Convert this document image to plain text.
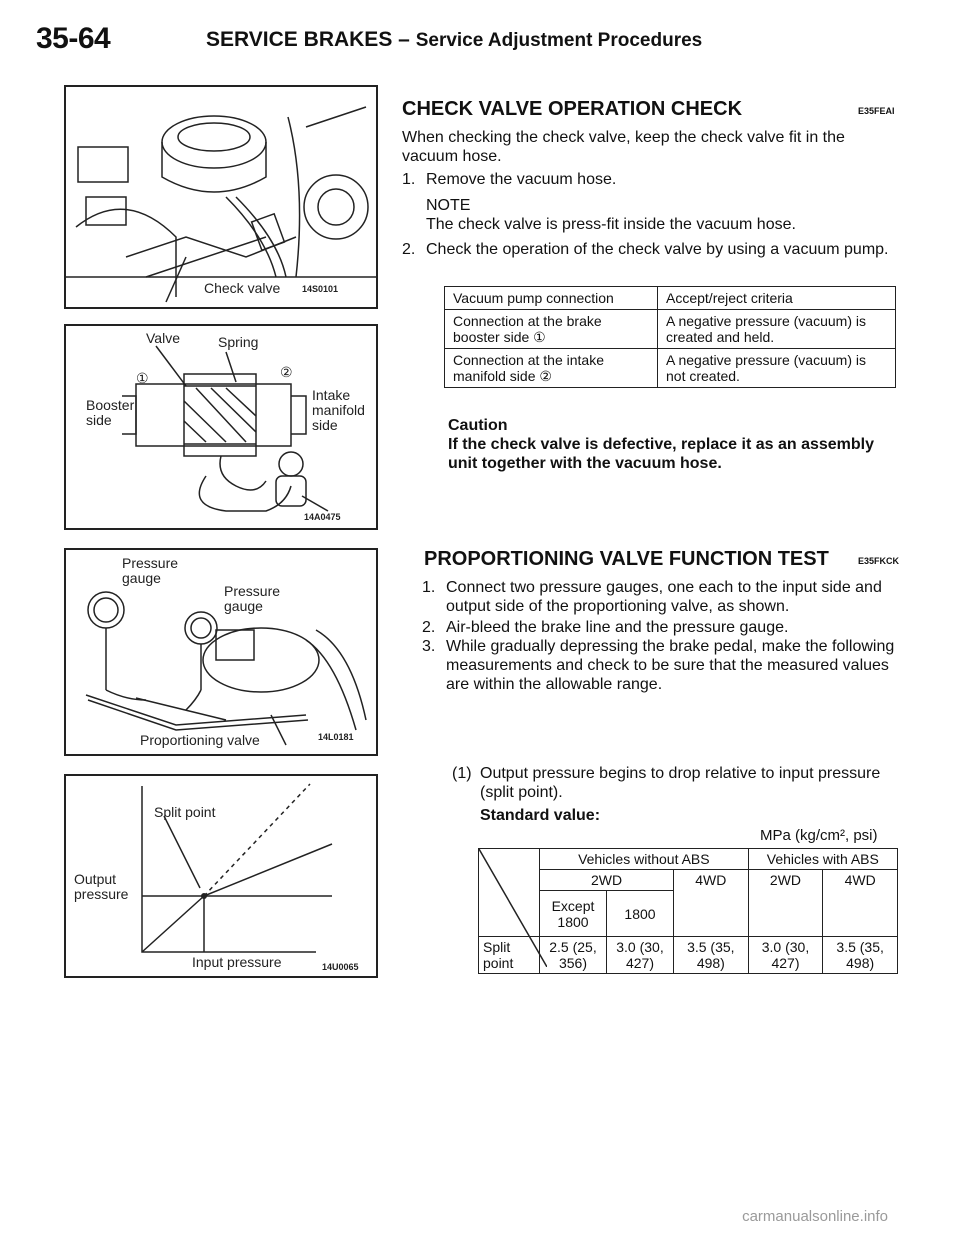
35-64	SERVICE BRAKES – Service Adjustment Procedures
Check valve 14S0101
Valve	Spring
①	②
Booster side
Intake manifold side
14A0475
Pressure gauge
Pressure gauge
Proportioning valve	14L0181
Split point
Output pressure
Input pressure	14U0065
CHECK VALVE OPERATION CHECK	E35FEAI
When checking the check valve, keep the check valve fit in the vacuum hose.
1. Remove the vacuum hose.
NOTE
The check valve is press-fit inside the vacuum hose.
2. Check the operation of the check valve by using a vacuum pump.
Vacuum pump connection	Accept/reject criteria
Connection at the brake booster side ①	A negative pressure (vacuum) is created and held.
Connection at the intake manifold side ②	A negative pressure (vacuum) is not created.
Caution
If the check valve is defective, replace it as an assembly unit together with the vacuum hose.
PROPORTIONING VALVE FUNCTION TEST	E35FKCK
1. Connect two pressure gauges, one each to the input side and output side of the proportioning valve, as shown.
2. Air-bleed the brake line and the pressure gauge.
3. While gradually depressing the brake pedal, make the following measurements and check to be sure that the measured values are within the allowable range.
(1) Output pressure begins to drop relative to input pressure (split point).
Standard value:
MPa (kg/cm², psi)
	Vehicles without ABS			Vehicles with ABS	
	2WD		4WD	2WD	4WD
	Except 1800	1800			
Split point	2.5 (25, 356)	3.0 (30, 427)	3.5 (35, 498)	3.0 (30, 427)	3.5 (35, 498)
carmanualsonline.info
